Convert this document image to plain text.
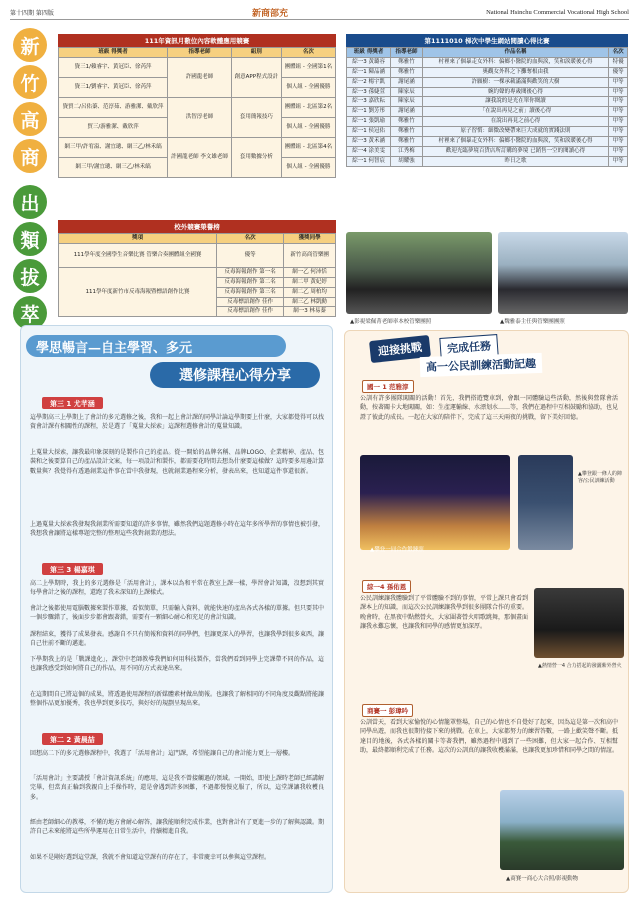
第十四期 第四版	新商部充	National Hsinchu Commercial Vocational High School
新
竹
高
商
出
類
拔
萃
111年資訊月數位內容軟體應用競賽
班級 得獎者	指導老師	組別	名次
資三1/賴睿宇、黃冠臣、徐芮萍	許國龍老師	創意APP程式設計	團體組 - 全國第1名
資三1/劉睿宇、黃冠臣、徐芮萍			個人組 - 全國優勝
資貿二/呂佑蓁、范淳茹、游雅潔、戴欣萍	洪智淳老師	套用簡報技巧	團體組 - 北區第2名
貿三/游雅潔、戴欣萍			個人組 - 全國優勝
網三甲/許宥溢、謝宜璁、網三乙/林禾皜	許國龍老師 李文雄老師	套用數據分析	團體組 - 北區第4名
網三甲/謝宜璁、網三乙/林禾皜			個人組 - 全國優勝
校外競賽榮譽榜
獎項	名次	獲獎同學
111學年度全國學生音樂比賽 管樂合奏團體組全國賽	優等	新竹高商管樂團
111學年度新竹市反毒海報暨標語創作比賽	反毒海報創作 第一名	網一乙 何沛恬
	反毒海報創作 第二名	網二甲 黃妃婷
	反毒海報創作 第三名	網二乙 周柏均
	反毒標語創作 佳作	網三乙 林凱勳
	反毒標語創作 佳作	網一3 林易蓁
第1111010 梯次中學生網站閱讀心得比賽
班級 得獎者	指導老師	作品名稱	名次
綜一3 黃璐容	鄭雅竹	村裡來了個暴走女外科：偏鄉小醫院的血與淚，笑和淚暖後心得	特優
綜一1 陳品涵	鄭雅竹	奧觀女外科之下攤奪根由我	優等
綜一2 楊宇凱	謝尾涵	許願樹：一棵承載滿滿與歡笑的大樹	甲等
綜一3 孫婕萱	陳家辰	婉約聲的專歲閱後心得	甲等
綜一3 嘉欣耘	陳家辰	讓我說的是光在單你閱讀	甲等
綜一1 劉芳彤	謝尾涵	「在說出再見之前」讀後心得	甲等
綜一1 張凱瑜	鄭雅竹	在說出再見之前心得	甲等
綜一1 侯冠佑	鄭雅竹	原子習慣：細微改變帶來巨大成就的實踐法則	甲等
綜一3 黃禾涵	鄭雅竹	村裡來了個暴走女外科：偏鄉小醫院的血與淚，笑和淚暖後心得	甲等
綜一4 涂美雯	江秀梅	歡迎光臨夢境百貨店所訂購的夢境 已銷售一空的閱讀心得	甲等
綜一1 何智宸	胡耀強	昨日之歌	甲等
▲影視梁佩菁老師率本校管樂團照	▲魏雅泰主任與管樂團團照
學思暢言—自主學習、多元
選修課程心得分享
第三 1 尤芊涵
這學期高三上學期上了會計的多元選修之後，我和一起上會計課的同學計論這學期要上什麼，大家都覺得可以找資會計課有相關性的課程，於是選了「蒐量大採索」這課程選修會計的蒐量知識。
上蒐量大採索，讓我最印象深刻的是製作自己的產品。從一開始的品牌名稱、品牌LOGO、企業精神、產品、包裝和之後要算自己的產品設計文案，每一項設計和製作，都需要花時間去想為什麼要這樣做？這時要多用邊計算數量與？我覺得有透過創業這件事在當中我發現，也就創業過程來分析，發表出來，也知道這件事還很新。
上過蒐量大採索我發現我創業所需要知道的許多事情，雖然我們這題選修小時在這年多所學習的事情也被引發，我想我會讓將這樣專題完整的整理這些我對創業的想法。
第三 3 楊嘉琪
高二上學期時，我上的多元選修是「活用會計」，課本以為和平常在教室上課一樣，學習會計知識，沒想到其實每學會計之後的課程，還跑了我未深知的上課樣式。
會計之後都使用電腦數據來製作單據，看似簡單，只需輸入資料，就能快速的產出各式各樣的單據。但只要其中一個步驟錯了，後面步步都會跟著錯，需要有一顆細心耐心和充足的會計知識。
課程結束，獲得了成果發表。感謝自不只有簡報和資料的同學們，但讓更深入的學習，也讓我學到很多東西，讓自己往前不斷的邁進。
下學期我上的是「戰課進化」，課堂中老師教導我們如何用科技製作，當我們看到同學上完課帶不同的作品，這也讓我感受到如何將自己的作品，用不同的方式表達出來。
在這期間自己將這個的成果，將透過使用課程的新媒體素材做出簡報。也讓我了解相同的不同角度及觀點將能讓整個作品更加優秀，我也學到更多技巧，與好好的規劃呈現出來。
第二 2 黃晨喆
回想高二下的多元選修課程中，我選了「活用會計」這門課，希望能讓自己的會計能力更上一層樓。
「活用會計」主要講授「會計資訊系統」的應用，這是我不曾接觸過的領域。一開始，即使上課時老師已經講解完畢，但當真正輪到我親自上手操作時，還是會遇到許多困難，不過都慢慢克服了，所以，這堂課讓我收穫良多。
經由老師細心的教導，不懂的地方會耐心解答，讓我能順利完成作業，也對會計有了更進一步的了解與認識。期許自己未來能將這些所學運用在日常生活中，持續精進自我。
如果不是剛好選到這堂課，我就不會知道這堂課有的存在了，非常慶幸可以參與這堂課程。
迎接挑戰	完成任務
高一公民訓練活動記趣
國一 1 范雅淳
公訓有許多團隊闖關的活動！首先，我們搭遊覽車到，會跟一同體驗這些活動，然後與營隊會活動，按著關卡大地闖關，如：生產運輸線、水漂划水……等，我們在過程中互相鼓勵和協助，也見證了彼此的成長。一起在大家的陪伴下，完成了這三天兩夜的挑戰，留下美好回憶。
▲攀登一同合作鍛鍊照
▲攀登跟一條人的陣容/公民訓練活動
綜一4 孫佑恩
公民訓練讓我體驗到了平常體驗不到的事情，平常上課只會看到課本上的知識，而這次公民訓練讓我學到很多團隊合作的重要。晚會時，在黑夜中點燃營火，大家圍著營火唱歌跳舞，那個畫面讓我永難忘懷，也讓我和同學的感情更加深厚。
▲熱情營一4 合力搭起的潑灑紫外營火
商賽一 彭瑋吟
公訓當天，看到大家愉悅的心情籠罩整場，自己的心情也不自覺好了起來，因為這是第一次和高中同學出遊，而我也很期待接下來的挑戰。在車上，大家都努力的練習答數，一路上歡笑聲不斷。抵達目的地後，各式各樣的關卡等著我們，雖然過程中遇到了一些困難，但大家一起合作、互相幫助，最終都順利完成了任務。這次的公訓真的讓我收穫滿滿，也讓我更加珍惜和同學之間的情誼。
▲商賽一商心大合照/影視動物
